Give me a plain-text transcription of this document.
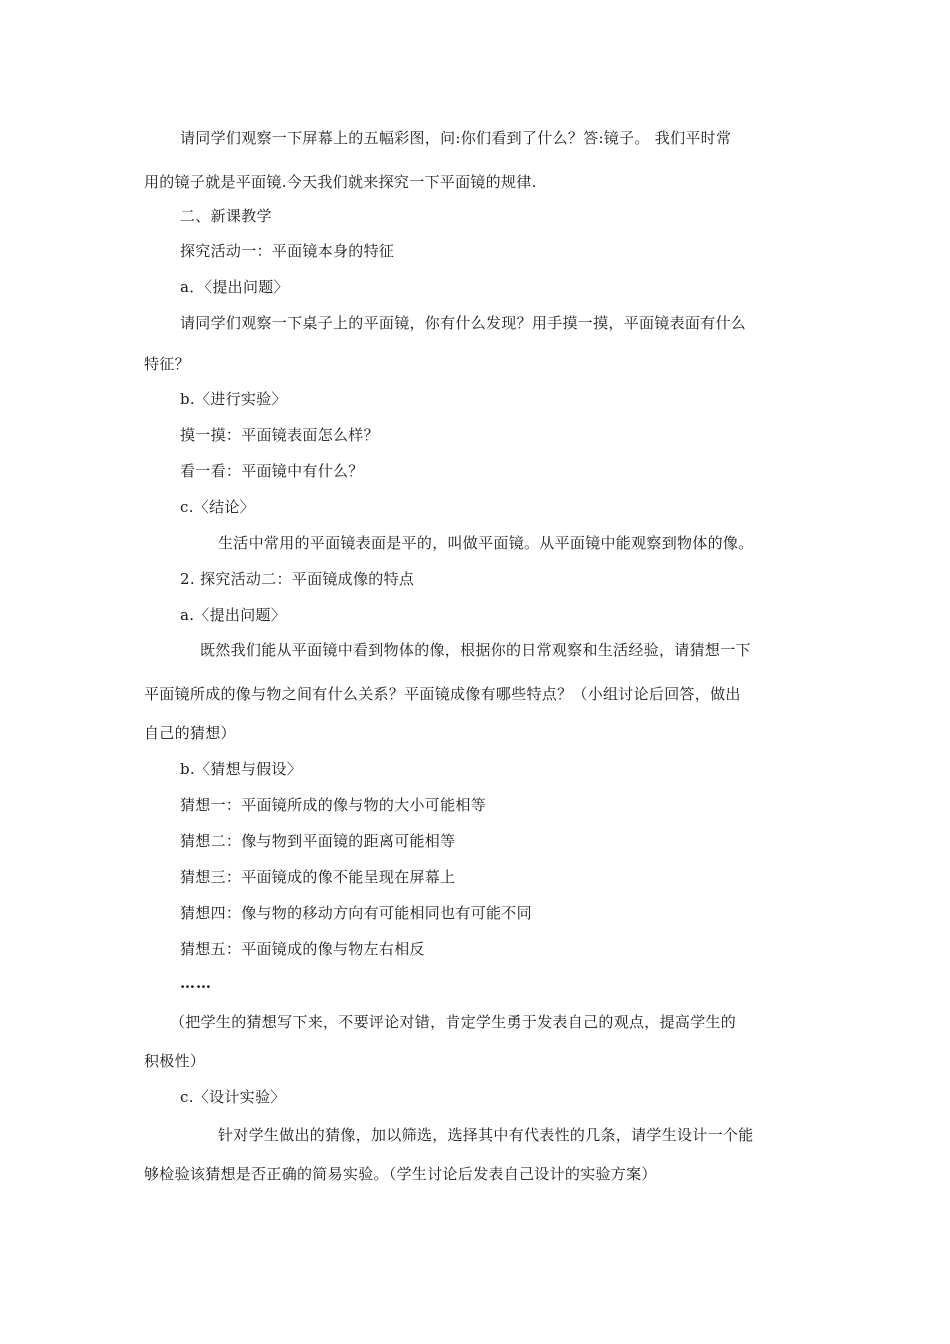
请同学们观察一下屏幕上的五幅彩图，问:你们看到了什么？答:镜子。 我们平时常
用的镜子就是平面镜.今天我们就来探究一下平面镜的规律.
二、新课教学
探究活动一：平面镜本身的特征
a．〈提出问题〉
请同学们观察一下桌子上的平面镜，你有什么发现？用手摸一摸，平面镜表面有什么
特征？
b.〈进行实验〉
摸一摸：平面镜表面怎么样？
看一看：平面镜中有什么？
c.〈结论〉
生活中常用的平面镜表面是平的，叫做平面镜。从平面镜中能观察到物体的像。
2. 探究活动二：平面镜成像的特点
a.〈提出问题〉
既然我们能从平面镜中看到物体的像，根据你的日常观察和生活经验，请猜想一下
平面镜所成的像与物之间有什么关系？平面镜成像有哪些特点？（小组讨论后回答，做出
自己的猜想）
b.〈猜想与假设〉
猜想一：平面镜所成的像与物的大小可能相等
猜想二：像与物到平面镜的距离可能相等
猜想三：平面镜成的像不能呈现在屏幕上
猜想四：像与物的移动方向有可能相同也有可能不同
猜想五：平面镜成的像与物左右相反
……
（把学生的猜想写下来，不要评论对错，肯定学生勇于发表自己的观点，提高学生的
积极性）
c.〈设计实验〉
针对学生做出的猜像，加以筛选，选择其中有代表性的几条，请学生设计一个能
够检验该猜想是否正确的简易实验。（学生讨论后发表自己设计的实验方案）
